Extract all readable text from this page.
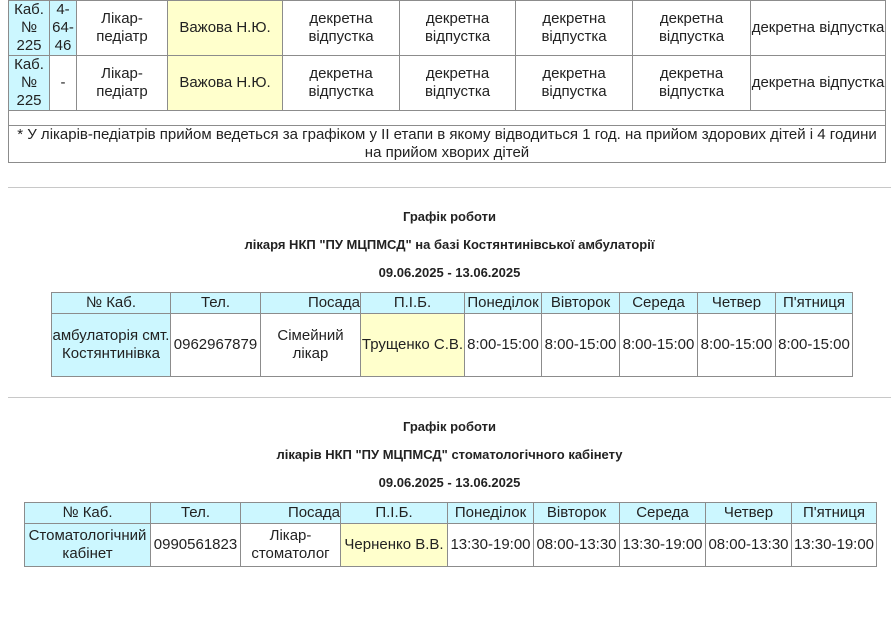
Каб. № 225	4-64-46	Лікар-педіатр	Важова Н.Ю.	декретна відпустка	декретна відпустка	декретна відпустка	декретна відпустка	декретна відпустка
Каб. № 225	-	Лікар-педіатр	Важова Н.Ю.	декретна відпустка	декретна відпустка	декретна відпустка	декретна відпустка	декретна відпустка

* У лікарів-педіатрів прийом ведеться за графіком у ІІ етапи в якому відводиться 1 год. на прийом здорових дітей і 4 години на прийом хворих дітей								
Графік роботи
лікаря НКП "ПУ МЦПМСД" на базі Костянтинівської амбулаторії
09.06.2025 - 13.06.2025
№ Каб.	Тел.	Посада	П.І.Б.	Понеділок	Вівторок	Середа	Четвер	П'ятниця
амбулаторія смт. Костянтинівка	0962967879	Сімейний лікар	Трущенко С.В.	8:00-15:00	8:00-15:00	8:00-15:00	8:00-15:00	8:00-15:00
Графік роботи
лікарів НКП "ПУ МЦПМСД" стоматологічного кабінету
09.06.2025 - 13.06.2025
№ Каб.	Тел.	Посада	П.І.Б.	Понеділок	Вівторок	Середа	Четвер	П'ятниця
Стоматологічний кабінет	0990561823	Лікар-стоматолог	Черненко В.В.	13:30-19:00	08:00-13:30	13:30-19:00	08:00-13:30	13:30-19:00
